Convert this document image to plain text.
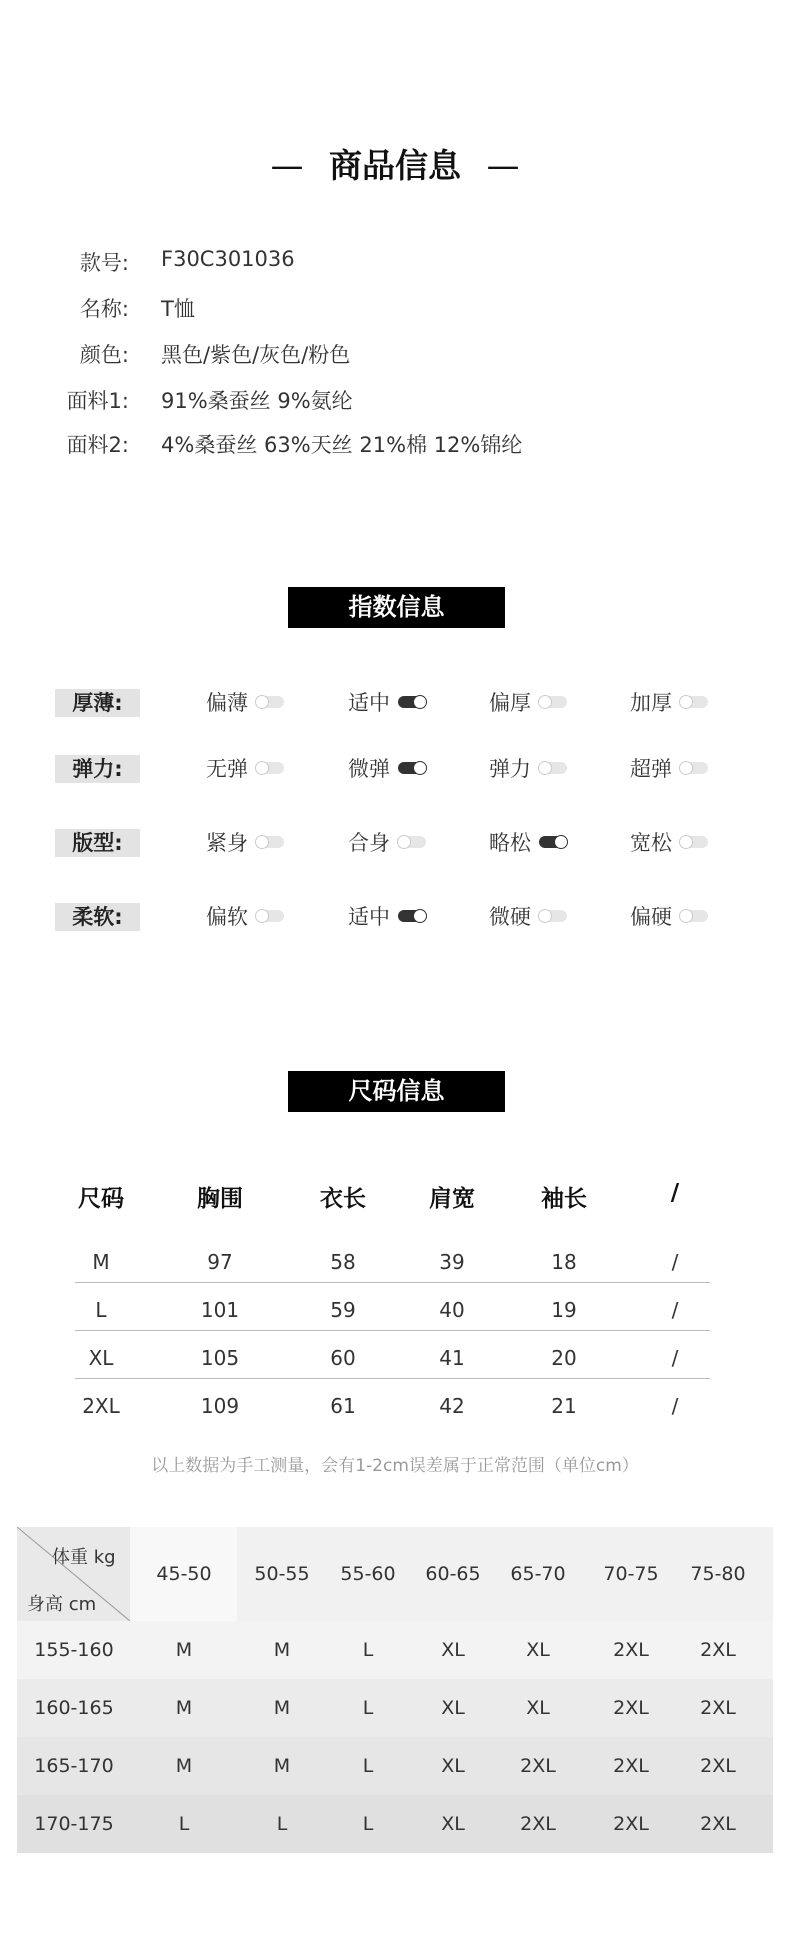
— 商品信息 —
款号: F30C301036
名称: T恤
颜色: 黑色/紫色/灰色/粉色
面料1: 91%桑蚕丝 9%氨纶
面料2: 4%桑蚕丝 63%天丝 21%棉 12%锦纶
指数信息
厚薄:	偏薄	适中	偏厚	加厚
弹力:	无弹	微弹	弹力	超弹
版型:	紧身	合身	略松	宽松
柔软:	偏软	适中	微硬	偏硬
尺码信息
尺码	胸围	衣长	肩宽	袖长	/
M	97	58	39	18	/
L	101	59	40	19	/
XL	105	60	41	20	/
2XL	109	61	42	21	/
以上数据为手工测量，会有1-2cm误差属于正常范围（单位cm）
体重 kg
身高 cm
45-50	50-55	55-60	60-65	65-70	70-75	75-80
155-160	M	M	L	XL	XL	2XL	2XL
160-165	M	M	L	XL	XL	2XL	2XL
165-170	M	M	L	XL	2XL	2XL	2XL
170-175	L	L	L	XL	2XL	2XL	2XL
